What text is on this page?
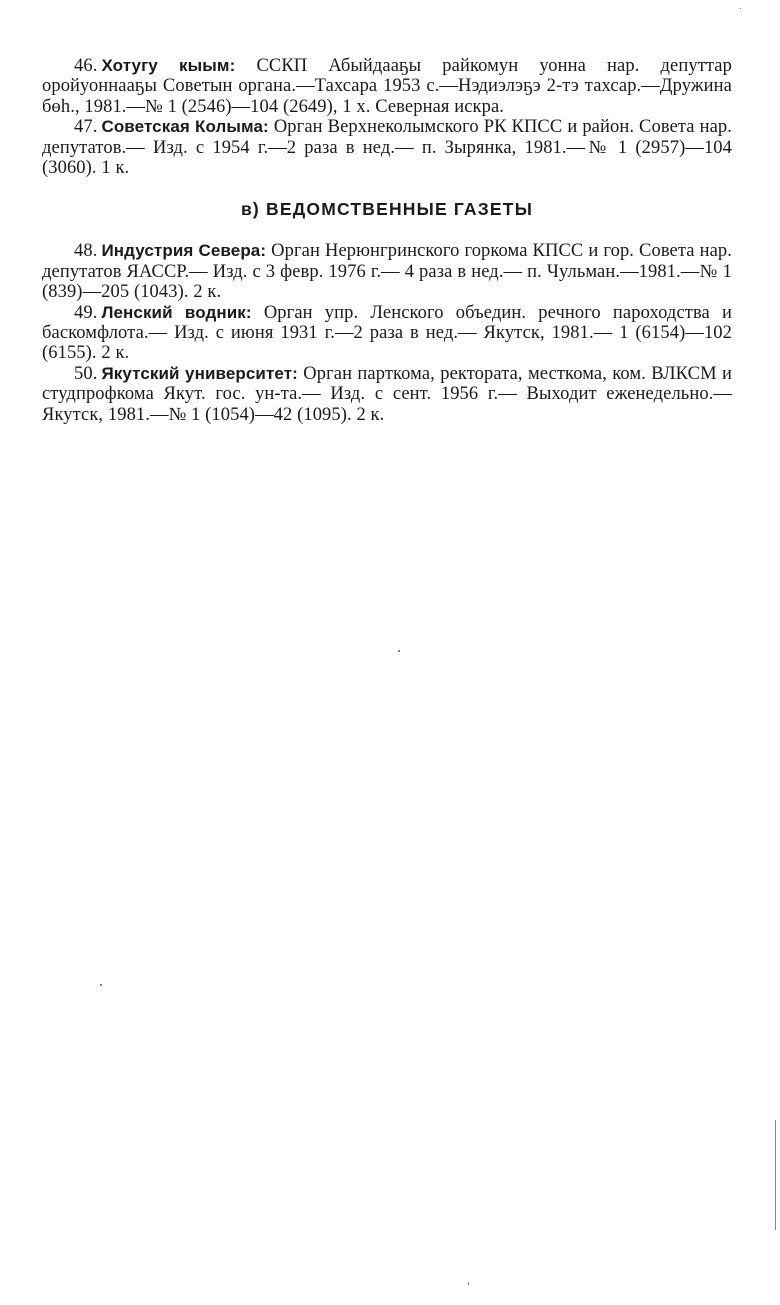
46. Хотугу кыым: ССКП Абыйдааҕы райкомун уонна нар. депуттар оройуоннааҕы Советын органа.—Тахсара 1953 с.—Нэдиэлэҕэ 2-тэ тахсар.—Дружина бөһ., 1981.—№ 1 (2546)—104 (2649), 1 х. Северная искра.

47. Советская Колыма: Орган Верхнеколымского РК КПСС и район. Совета нар. депутатов.— Изд. с 1954 г.—2 раза в нед.— п. Зырянка, 1981.—№ 1 (2957)—104 (3060). 1 к.

в) ВЕДОМСТВЕННЫЕ ГАЗЕТЫ

48. Индустрия Севера: Орган Нерюнгринского горкома КПСС и гор. Совета нар. депутатов ЯАССР.— Изд. с 3 февр. 1976 г.— 4 раза в нед.— п. Чульман.—1981.—№ 1 (839)—205 (1043). 2 к.

49. Ленский водник: Орган упр. Ленского объедин. речного пароходства и баскомфлота.— Изд. с июня 1931 г.—2 раза в нед.— Якутск, 1981.— 1 (6154)—102 (6155). 2 к.

50. Якутский университет: Орган парткома, ректората, месткома, ком. ВЛКСМ и студпрофкома Якут. гос. ун-та.— Изд. с сент. 1956 г.— Выходит еженедельно.— Якутск, 1981.—№ 1 (1054)—42 (1095). 2 к.
